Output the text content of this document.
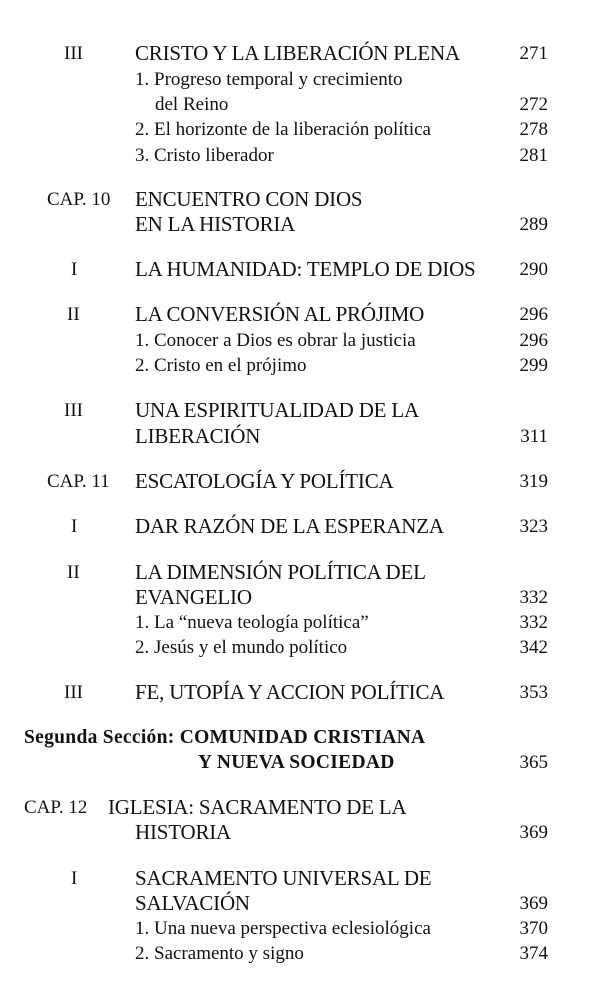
III CRISTO Y LA LIBERACIÓN PLENA	271
1. Progreso temporal y crecimiento
del Reino	272
2. El horizonte de la liberación política	278
3. Cristo liberador	281
CAP. 10 ENCUENTRO CON DIOS
EN LA HISTORIA	289
I	LA HUMANIDAD: TEMPLO DE DIOS 290
II	LA CONVERSIÓN AL PRÓJIMO	296
1. Conocer a Dios es obrar la justicia	296
2. Cristo en el prójimo	299
III UNA ESPIRITUALIDAD DE LA
LIBERACIÓN	311
CAP. 11 ESCATOLOGÍA Y POLÍTICA	319
I	DAR RAZÓN DE LA ESPERANZA	323
II	LA DIMENSIÓN POLÍTICA DEL
EVANGELIO	332
1. La “nueva teología política”	332
2. Jesús y el mundo político	342
III FE, UTOPÍA Y ACCION POLÍTICA	353
Segunda Sección: COMUNIDAD CRISTIANA
Y NUEVA SOCIEDAD	365
CAP. 12 IGLESIA: SACRAMENTO DE LA
HISTORIA	369
I	SACRAMENTO UNIVERSAL DE
SALVACIÓN	369
1. Una nueva perspectiva eclesiológica	370
2. Sacramento y signo	374
